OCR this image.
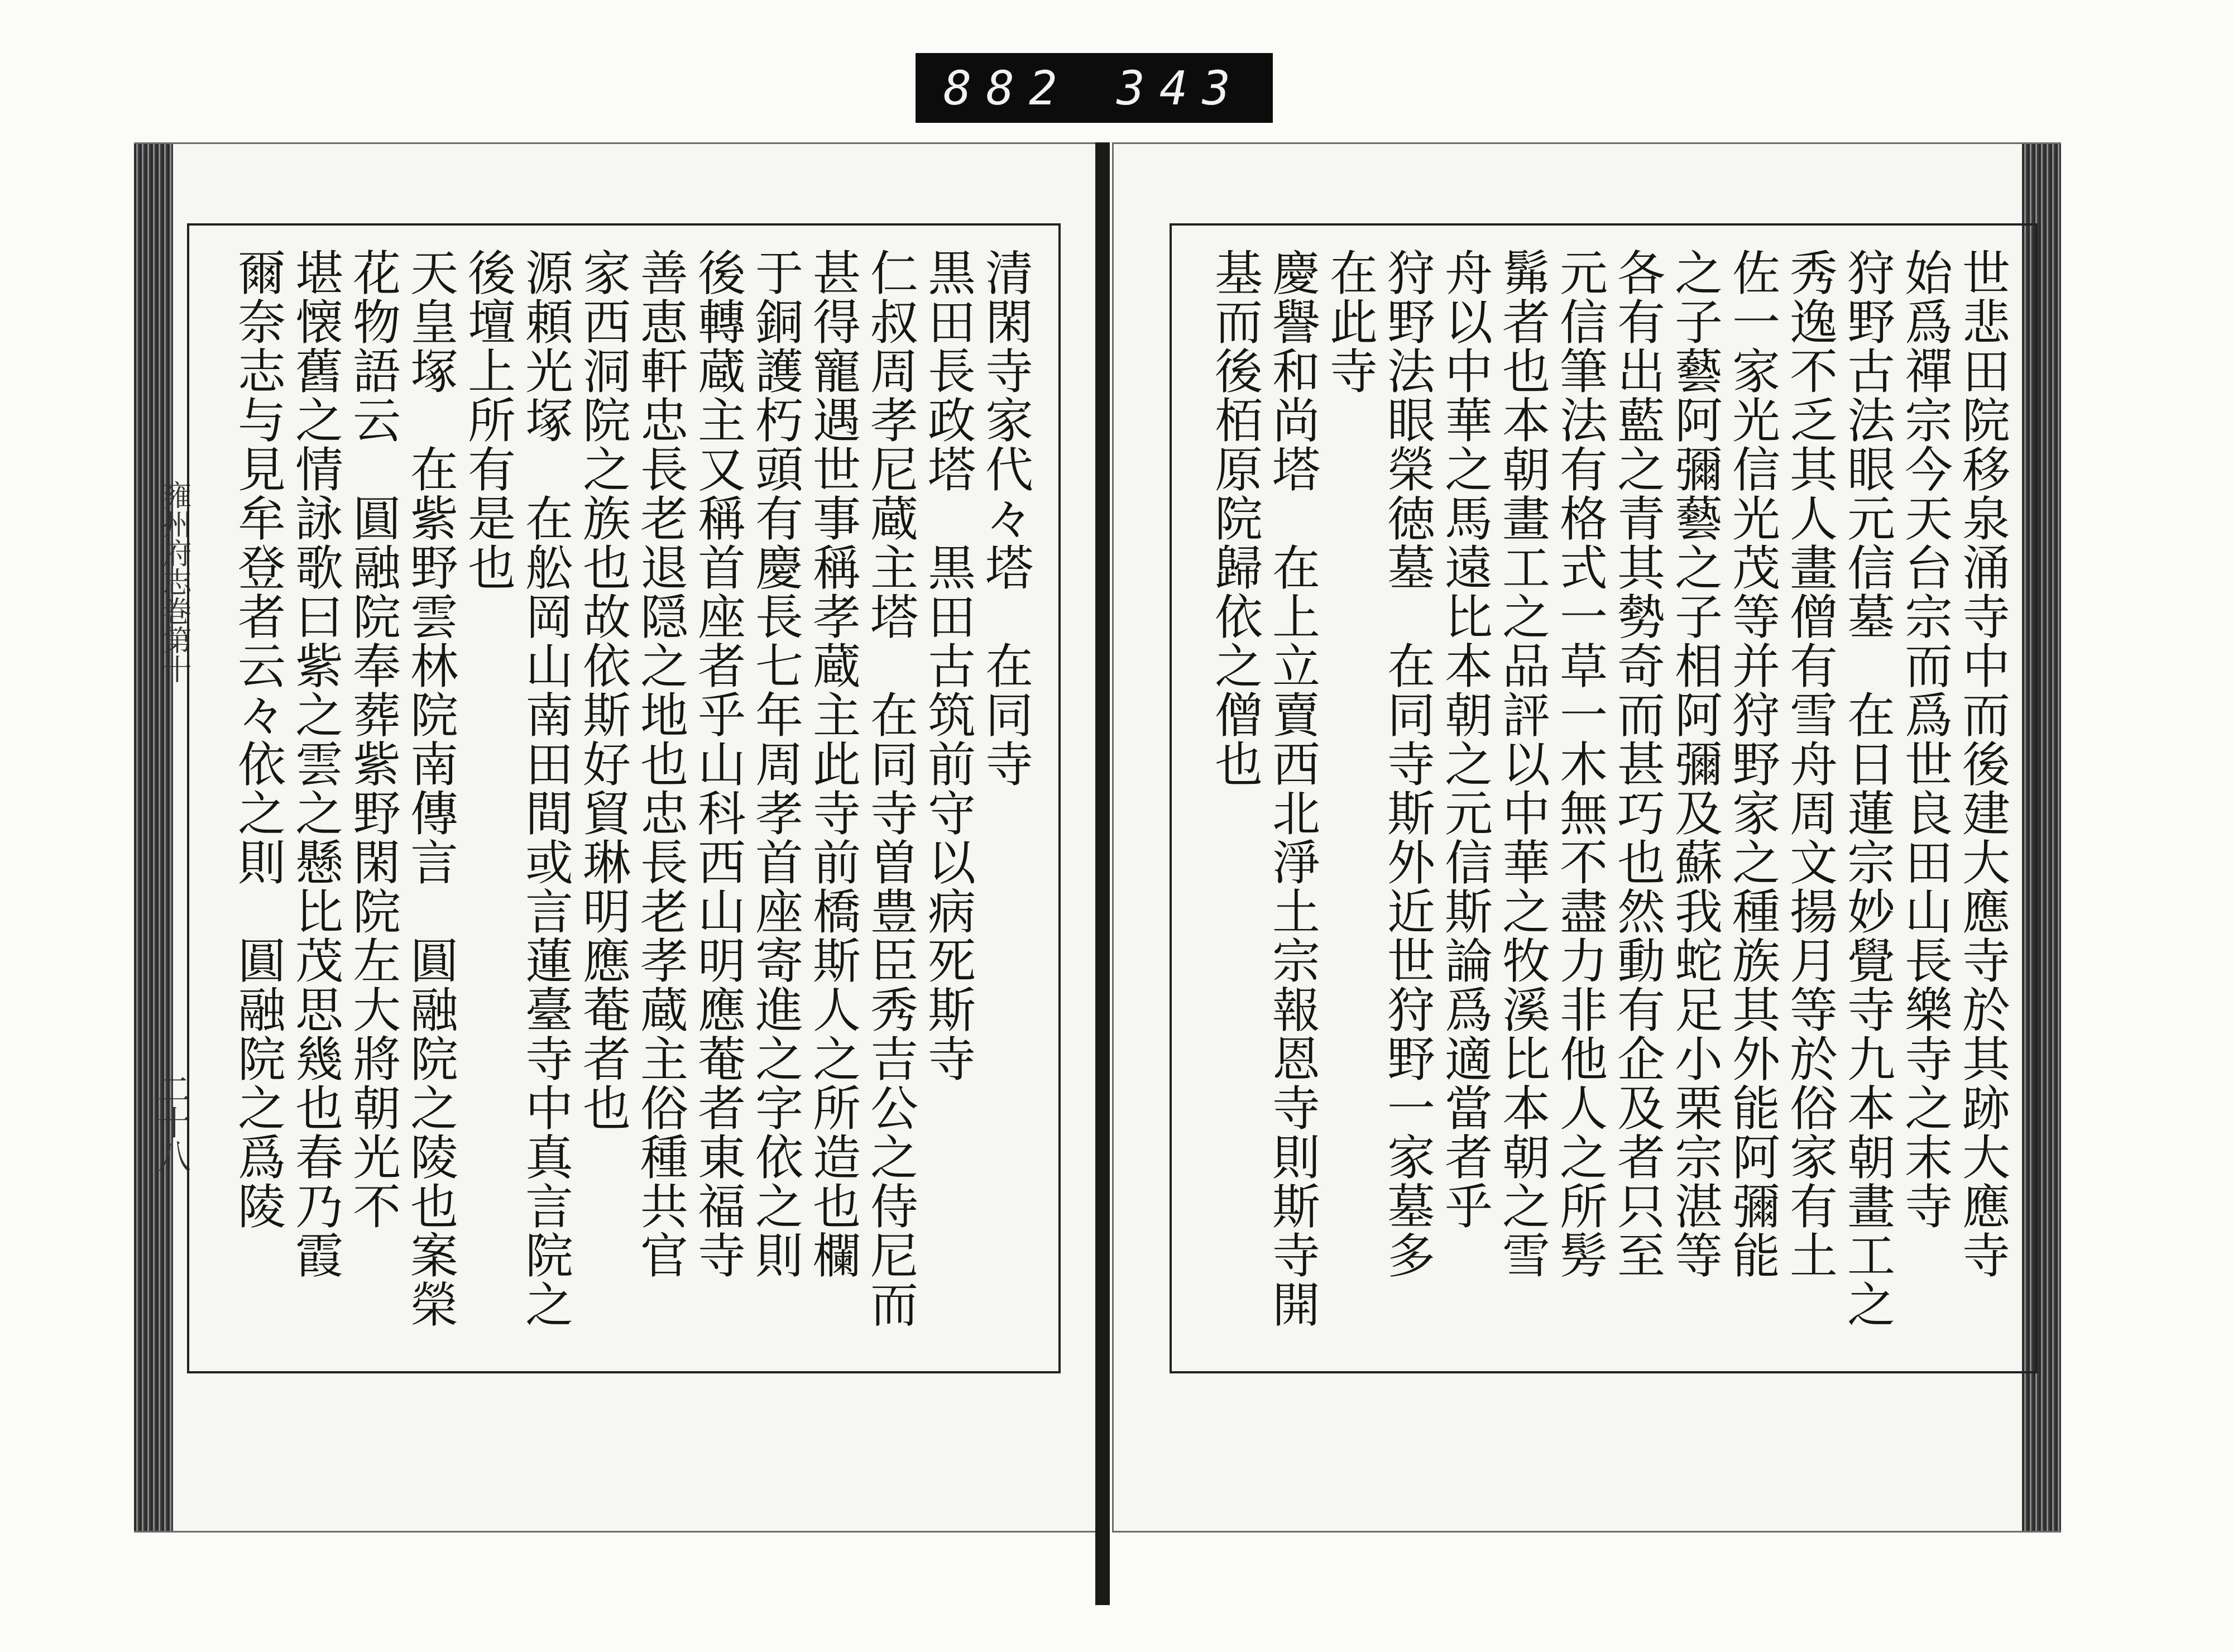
882 343
雍州府志巻第十
二十八
清閑寺家代々塔　在同寺
黒田長政塔　黒田古筑前守以病死斯寺
仁叔周孝尼蔵主塔　在同寺曽豊臣秀吉公之侍尼而
甚得寵遇世事稱孝蔵主此寺前橋斯人之所造也欄
于銅護朽頭有慶長七年周孝首座寄進之字依之則
後轉蔵主又稱首座者乎山科西山明應菴者東福寺
善恵軒忠長老退隠之地也忠長老孝蔵主俗種共官
家西洞院之族也故依斯好貿琳明應菴者也
源頼光塚　在舩岡山南田間或言蓮臺寺中真言院之
後壇上所有是也
天皇塚　在紫野雲林院南傳言　圓融院之陵也案榮
花物語云　圓融院奉葬紫野閑院左大將朝光不
堪懐舊之情詠歌曰紫之雲之懸比茂思幾也春乃霞
爾奈志与見牟登者云々依之則　圓融院之爲陵	世悲田院移泉涌寺中而後建大應寺於其跡大應寺
始爲禪宗今天台宗而爲世良田山長樂寺之末寺
狩野古法眼元信墓　在日蓮宗妙覺寺九本朝畫工之
秀逸不乏其人畫僧有雪舟周文揚月等於俗家有土
佐一家光信光茂等并狩野家之種族其外能阿彌能
之子藝阿彌藝之子相阿彌及蘇我蛇足小栗宗湛等
各有出藍之青其勢奇而甚巧也然動有企及者只至
元信筆法有格式一草一木無不盡力非他人之所髣
髴者也本朝畫工之品評以中華之牧溪比本朝之雪
舟以中華之馬遠比本朝之元信斯論爲適當者乎
狩野法眼榮徳墓　在同寺斯外近世狩野一家墓多
在此寺
慶譽和尚塔　在上立賣西北淨土宗報恩寺則斯寺開
基而後栢原院歸依之僧也
